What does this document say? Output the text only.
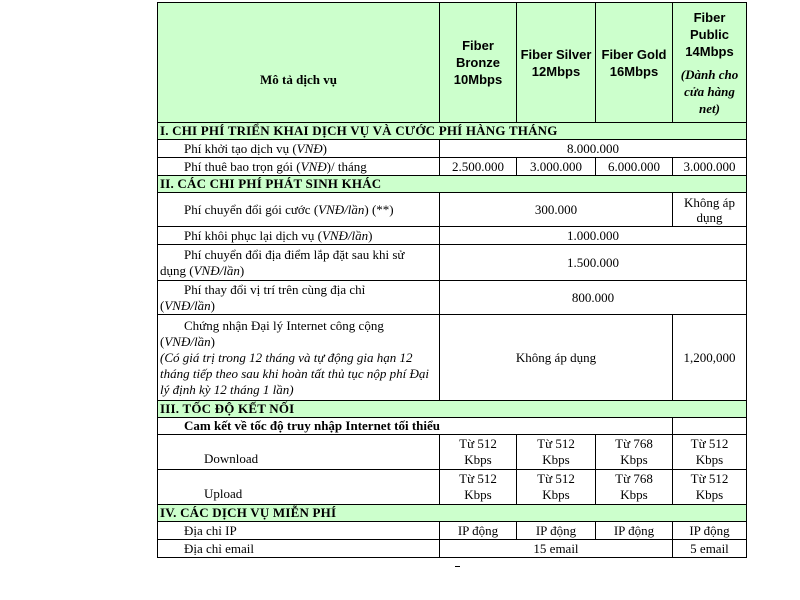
Mô tả dịch vụ	Fiber Bronze 10Mbps	Fiber Silver 12Mbps	Fiber Gold 16Mbps	Fiber Public 14Mbps
(Dành cho cửa hàng net)

I. CHI PHÍ TRIỂN KHAI DỊCH VỤ VÀ CƯỚC PHÍ HÀNG THÁNG				
Phí khởi tạo dịch vụ (VNĐ)	8.000.000			
Phí thuê bao trọn gói (VNĐ)/ tháng	2.500.000	3.000.000	6.000.000	3.000.000
II. CÁC CHI PHÍ PHÁT SINH KHÁC				
Phí chuyển đổi gói cước (VNĐ/lần) (**)	300.000			Không áp dụng
Phí khôi phục lại dịch vụ (VNĐ/lần)	1.000.000			

Phí chuyển đổi địa điểm lắp đặt sau khi sử
dụng (VNĐ/lần)	1.500.000			

Phí thay đổi vị trí trên cùng địa chỉ
(VNĐ/lần)	800.000			

Chứng nhận Đại lý Internet công cộng
(VNĐ/lần)
(Có giá trị trong 12 tháng và tự động gia hạn 12 tháng tiếp theo sau khi hoàn tất thủ tục nộp phí Đại lý định kỳ 12 tháng 1 lần)	Không áp dụng			1,200,000
III. TỐC ĐỘ KẾT NỐI				
Cam kết về tốc độ truy nhập Internet tối thiểu				
Download	Từ 512 Kbps	Từ 512 Kbps	Từ 768 Kbps	Từ 512 Kbps
Upload	Từ 512 Kbps	Từ 512 Kbps	Từ 768 Kbps	Từ 512 Kbps
IV. CÁC DỊCH VỤ MIỄN PHÍ				
Địa chỉ IP	IP động	IP động	IP động	IP động
Địa chỉ email	15 email			5 email
